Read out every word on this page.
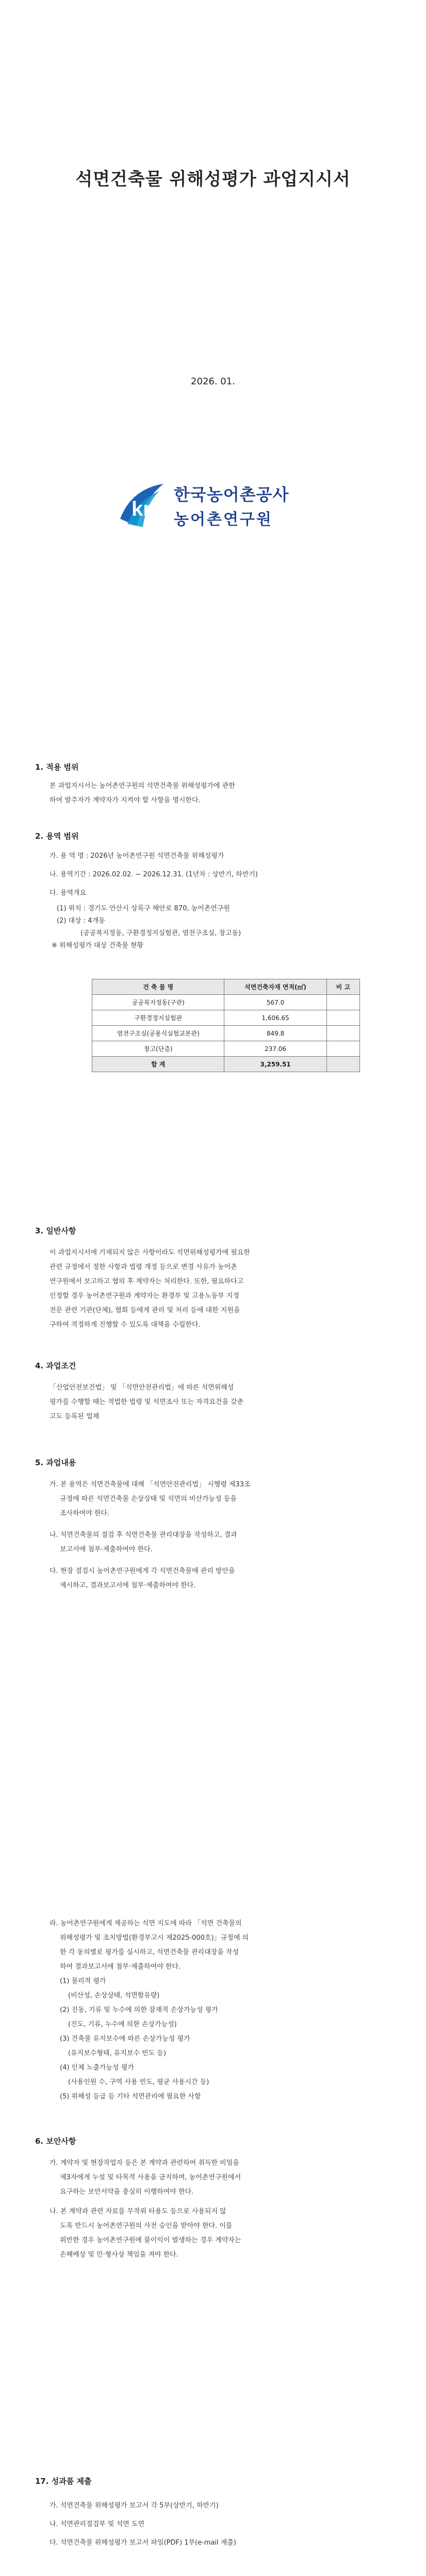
석면건축물 위해성평가 과업지시서
2026. 01.
kr
한국농어촌공사
농어촌연구원
1. 적용 범위
본 과업지시서는 농어촌연구원의 석면건축물 위해성평가에 관한
하여 발주자가 계약자가 지켜야 할 사항을 명시한다.
2. 용역 범위
가. 용 역 명 : 2026년 농어촌연구원 석면건축물 위해성평가
나. 용역기간 : 2026.02.02. ~ 2026.12.31. (1년차 : 상반기, 하반기)
다. 용역개요
(1) 위치 : 경기도 안산시 상록구 해안로 870, 농어촌연구원
(2) 대상 : 4개동
(공공복지정동, 구환경정지실험관, 염전구조실, 창고동)
※ 위해성평가 대상 건축물 현황
건 축 물 명	석면건축자재 면적(㎡)	비 고
공공복지정동(구관)	567.0	
구환경정지실험관	1,606.65	
염전구조실(공용식실험교본관)	849.8	
창고(단층)	237.06	
합 계	3,259.51	
3. 일반사항
이 과업지시서에 기재되지 않은 사항이라도 석면위해성평가에 필요한
관련 규정에서 정한 사항과 법령 개정 등으로 변경 사유가 농어촌
연구원에서 보고하고 협의 후 계약자는 처리한다. 또한, 필요하다고
인정할 경우 농어촌연구원과 계약자는 환경부 및 고용노동부 지정
전문 관련 기관(단체), 협회 등에게 관리 및 처리 등에 대한 지원을
구하여 적정하게 진행할 수 있도록 대책을 수립한다.
4. 과업조건
「산업안전보건법」 및 「석면안전관리법」에 따른 석면위해성
평가를 수행할 때는 적법한 법령 및 석면조사 또는 자격요건을 갖춘
고도 등록된 업체
5. 과업내용
가. 본 용역은 석면건축물에 대해 「석면안전관리법」 시행령 제33조
규정에 따른 석면건축물 손상상태 및 석면의 비산가능성 등을
조사하여야 한다.
나. 석면건축물의 점검 후 석면건축물 관리대장을 작성하고, 결과
보고서에 첨부·제출하여야 한다.
다. 현장 점검시 농어촌연구원에게 각 석면건축물에 관리 방안을
제시하고, 결과보고서에 첨부·제출하여야 한다.
라. 농어촌연구원에게 제공하는 석면 지도에 따라 「석면 건축물의
위해성평가 및 조치방법(환경부고시 제2025-000호)」규정에 의
한 각 동의별로 평가를 실시하고, 석면건축물 관리대장을 작성
하여 결과보고서에 첨부·제출하여야 한다.
(1) 물리적 평가
(비산성, 손상상태, 석면함유량)
(2) 진동, 기류 및 누수에 의한 잠재적 손상가능성 평가
(진도, 기류, 누수에 의한 손상가능성)
(3) 건축물 유지보수에 따른 손상가능성 평가
(유지보수형태, 유지보수 빈도 등)
(4) 인체 노출가능성 평가
(사용인원 수, 구역 사용 빈도, 평균 사용시간 등)
(5) 위해성 등급 등 기타 석면관리에 필요한 사항
6. 보안사항
가. 계약자 및 현장작업자 등은 본 계약과 관련하여 취득한 비밀을
제3자에게 누설 및 타목적 사용을 금지하며, 농어촌연구원에서
요구하는 보안서약을 충실히 이행하여야 한다.
나. 본 계약과 관련 자료를 무작위 타용도 등으로 사용되지 않
도록 반드시 농어촌연구원의 사전 승인을 받아야 한다. 이를
위반한 경우 농어촌연구원에 불이익이 발생하는 경우 계약자는
손해배상 및 민·형사상 책임을 져야 한다.
17. 성과품 제출
가. 석면건축물 위해성평가 보고서 각 5부(상반기, 하반기)
나. 석면관리점검부 및 석면 도면
다. 석면건축물 위해성평가 보고서 파일(PDF) 1부(e-mail 제출)
